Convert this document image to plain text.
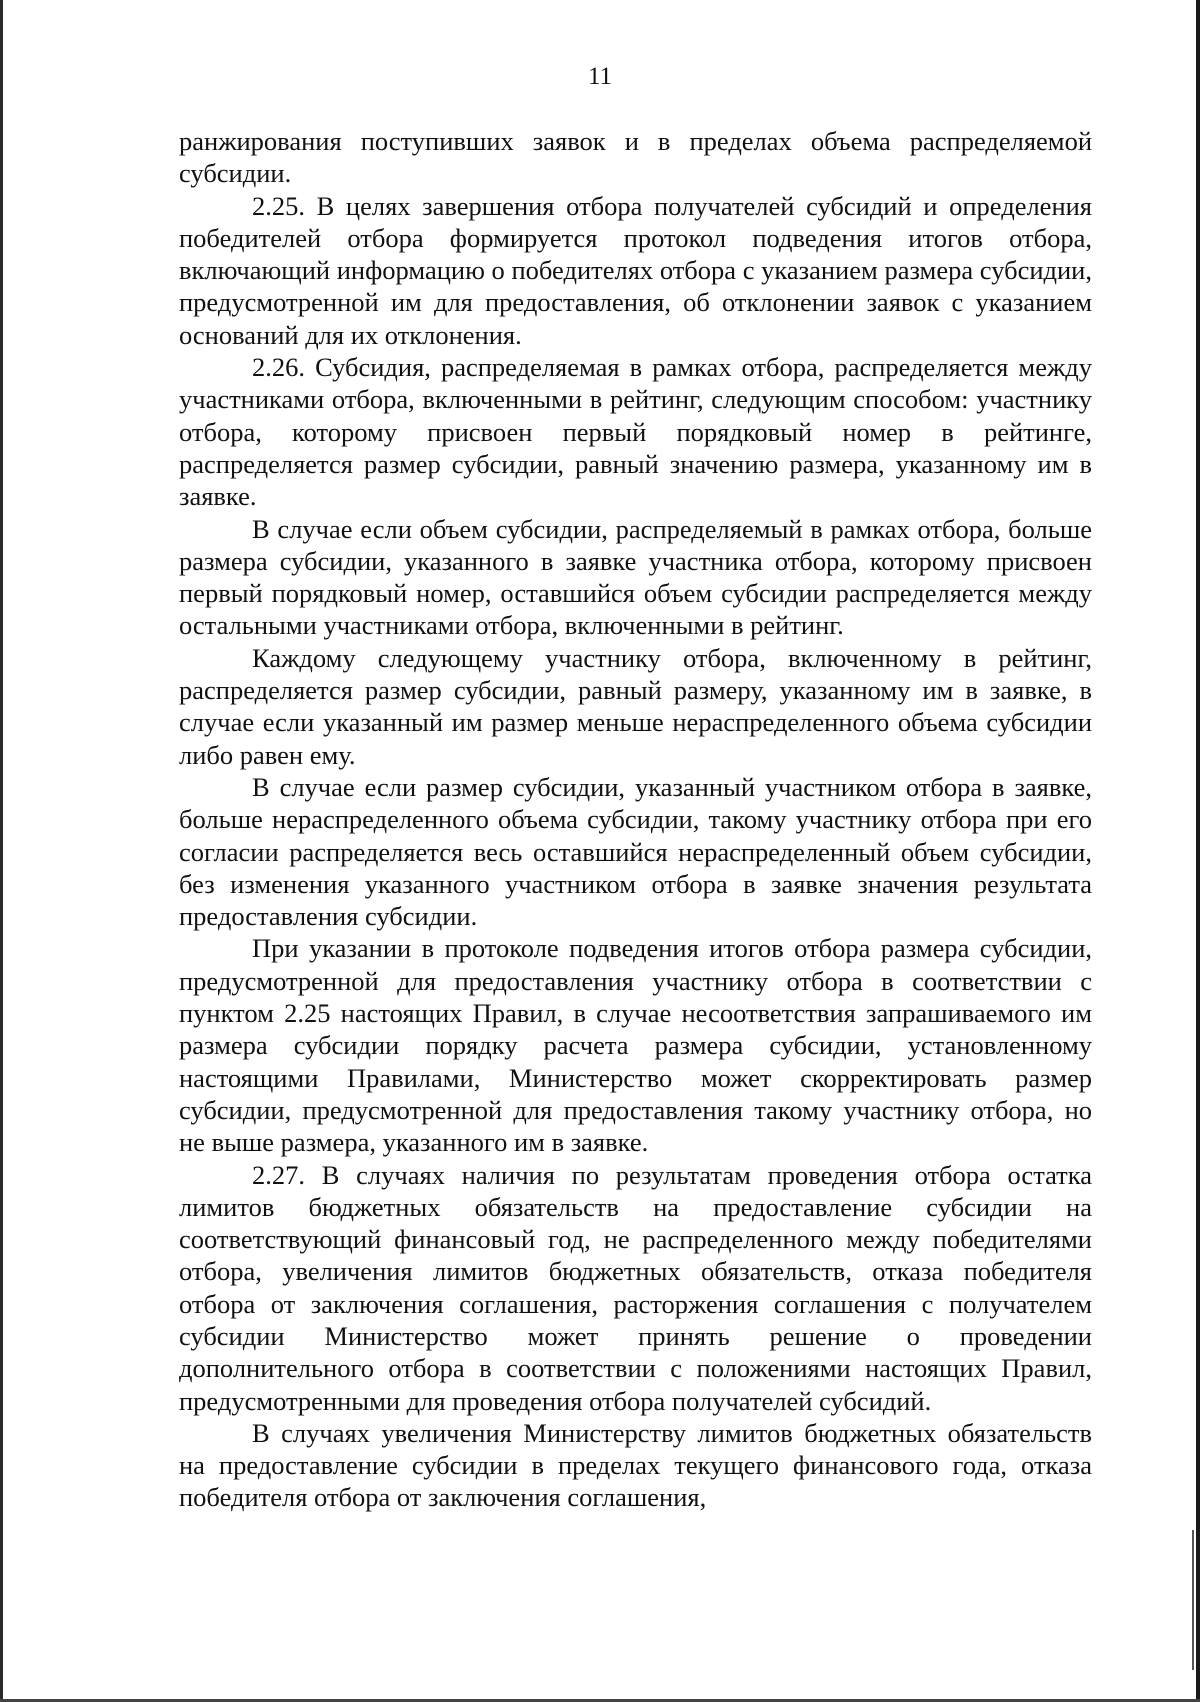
11

ранжирования поступивших заявок и в пределах объема распределяемой субсидии.

2.25. В целях завершения отбора получателей субсидий и определения победителей отбора формируется протокол подведения итогов отбора, включающий информацию о победителях отбора с указанием размера субсидии, предусмотренной им для предоставления, об отклонении заявок с указанием оснований для их отклонения.

2.26. Субсидия, распределяемая в рамках отбора, распределяется между участниками отбора, включенными в рейтинг, следующим способом: участнику отбора, которому присвоен первый порядковый номер в рейтинге, распределяется размер субсидии, равный значению размера, указанному им в заявке.

В случае если объем субсидии, распределяемый в рамках отбора, больше размера субсидии, указанного в заявке участника отбора, которому присвоен первый порядковый номер, оставшийся объем субсидии распределяется между остальными участниками отбора, включенными в рейтинг.

Каждому следующему участнику отбора, включенному в рейтинг, распределяется размер субсидии, равный размеру, указанному им в заявке, в случае если указанный им размер меньше нераспределенного объема субсидии либо равен ему.

В случае если размер субсидии, указанный участником отбора в заявке, больше нераспределенного объема субсидии, такому участнику отбора при его согласии распределяется весь оставшийся нераспределенный объем субсидии, без изменения указанного участником отбора в заявке значения результата предоставления субсидии.

При указании в протоколе подведения итогов отбора размера субсидии, предусмотренной для предоставления участнику отбора в соответствии с пунктом 2.25 настоящих Правил, в случае несоответствия запрашиваемого им размера субсидии порядку расчета размера субсидии, установленному настоящими Правилами, Министерство может скорректировать размер субсидии, предусмотренной для предоставления такому участнику отбора, но не выше размера, указанного им в заявке.

2.27. В случаях наличия по результатам проведения отбора остатка лимитов бюджетных обязательств на предоставление субсидии на соответствующий финансовый год, не распределенного между победителями отбора, увеличения лимитов бюджетных обязательств, отказа победителя отбора от заключения соглашения, расторжения соглашения с получателем субсидии Министерство может принять решение о проведении дополнительного отбора в соответствии с положениями настоящих Правил, предусмотренными для проведения отбора получателей субсидий.

В случаях увеличения Министерству лимитов бюджетных обязательств на предоставление субсидии в пределах текущего финансового года, отказа победителя отбора от заключения соглашения,
